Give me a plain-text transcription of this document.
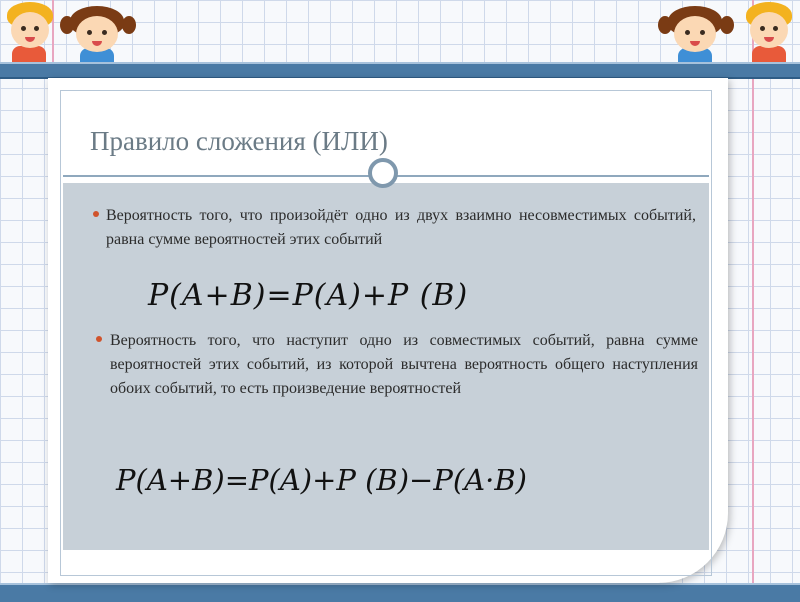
Правило сложения (ИЛИ)

Вероятность того, что произойдёт одно из двух взаимно несовместимых событий, равна сумме вероятностей этих событий

P(A+B)=P(A)+P (B)

Вероятность того, что наступит одно из совместимых событий, равна сумме вероятностей этих событий, из которой вычтена вероятность общего наступления обоих событий, то есть произведение вероятностей

P(A+B)=P(A)+P (B)−P(A·B)
